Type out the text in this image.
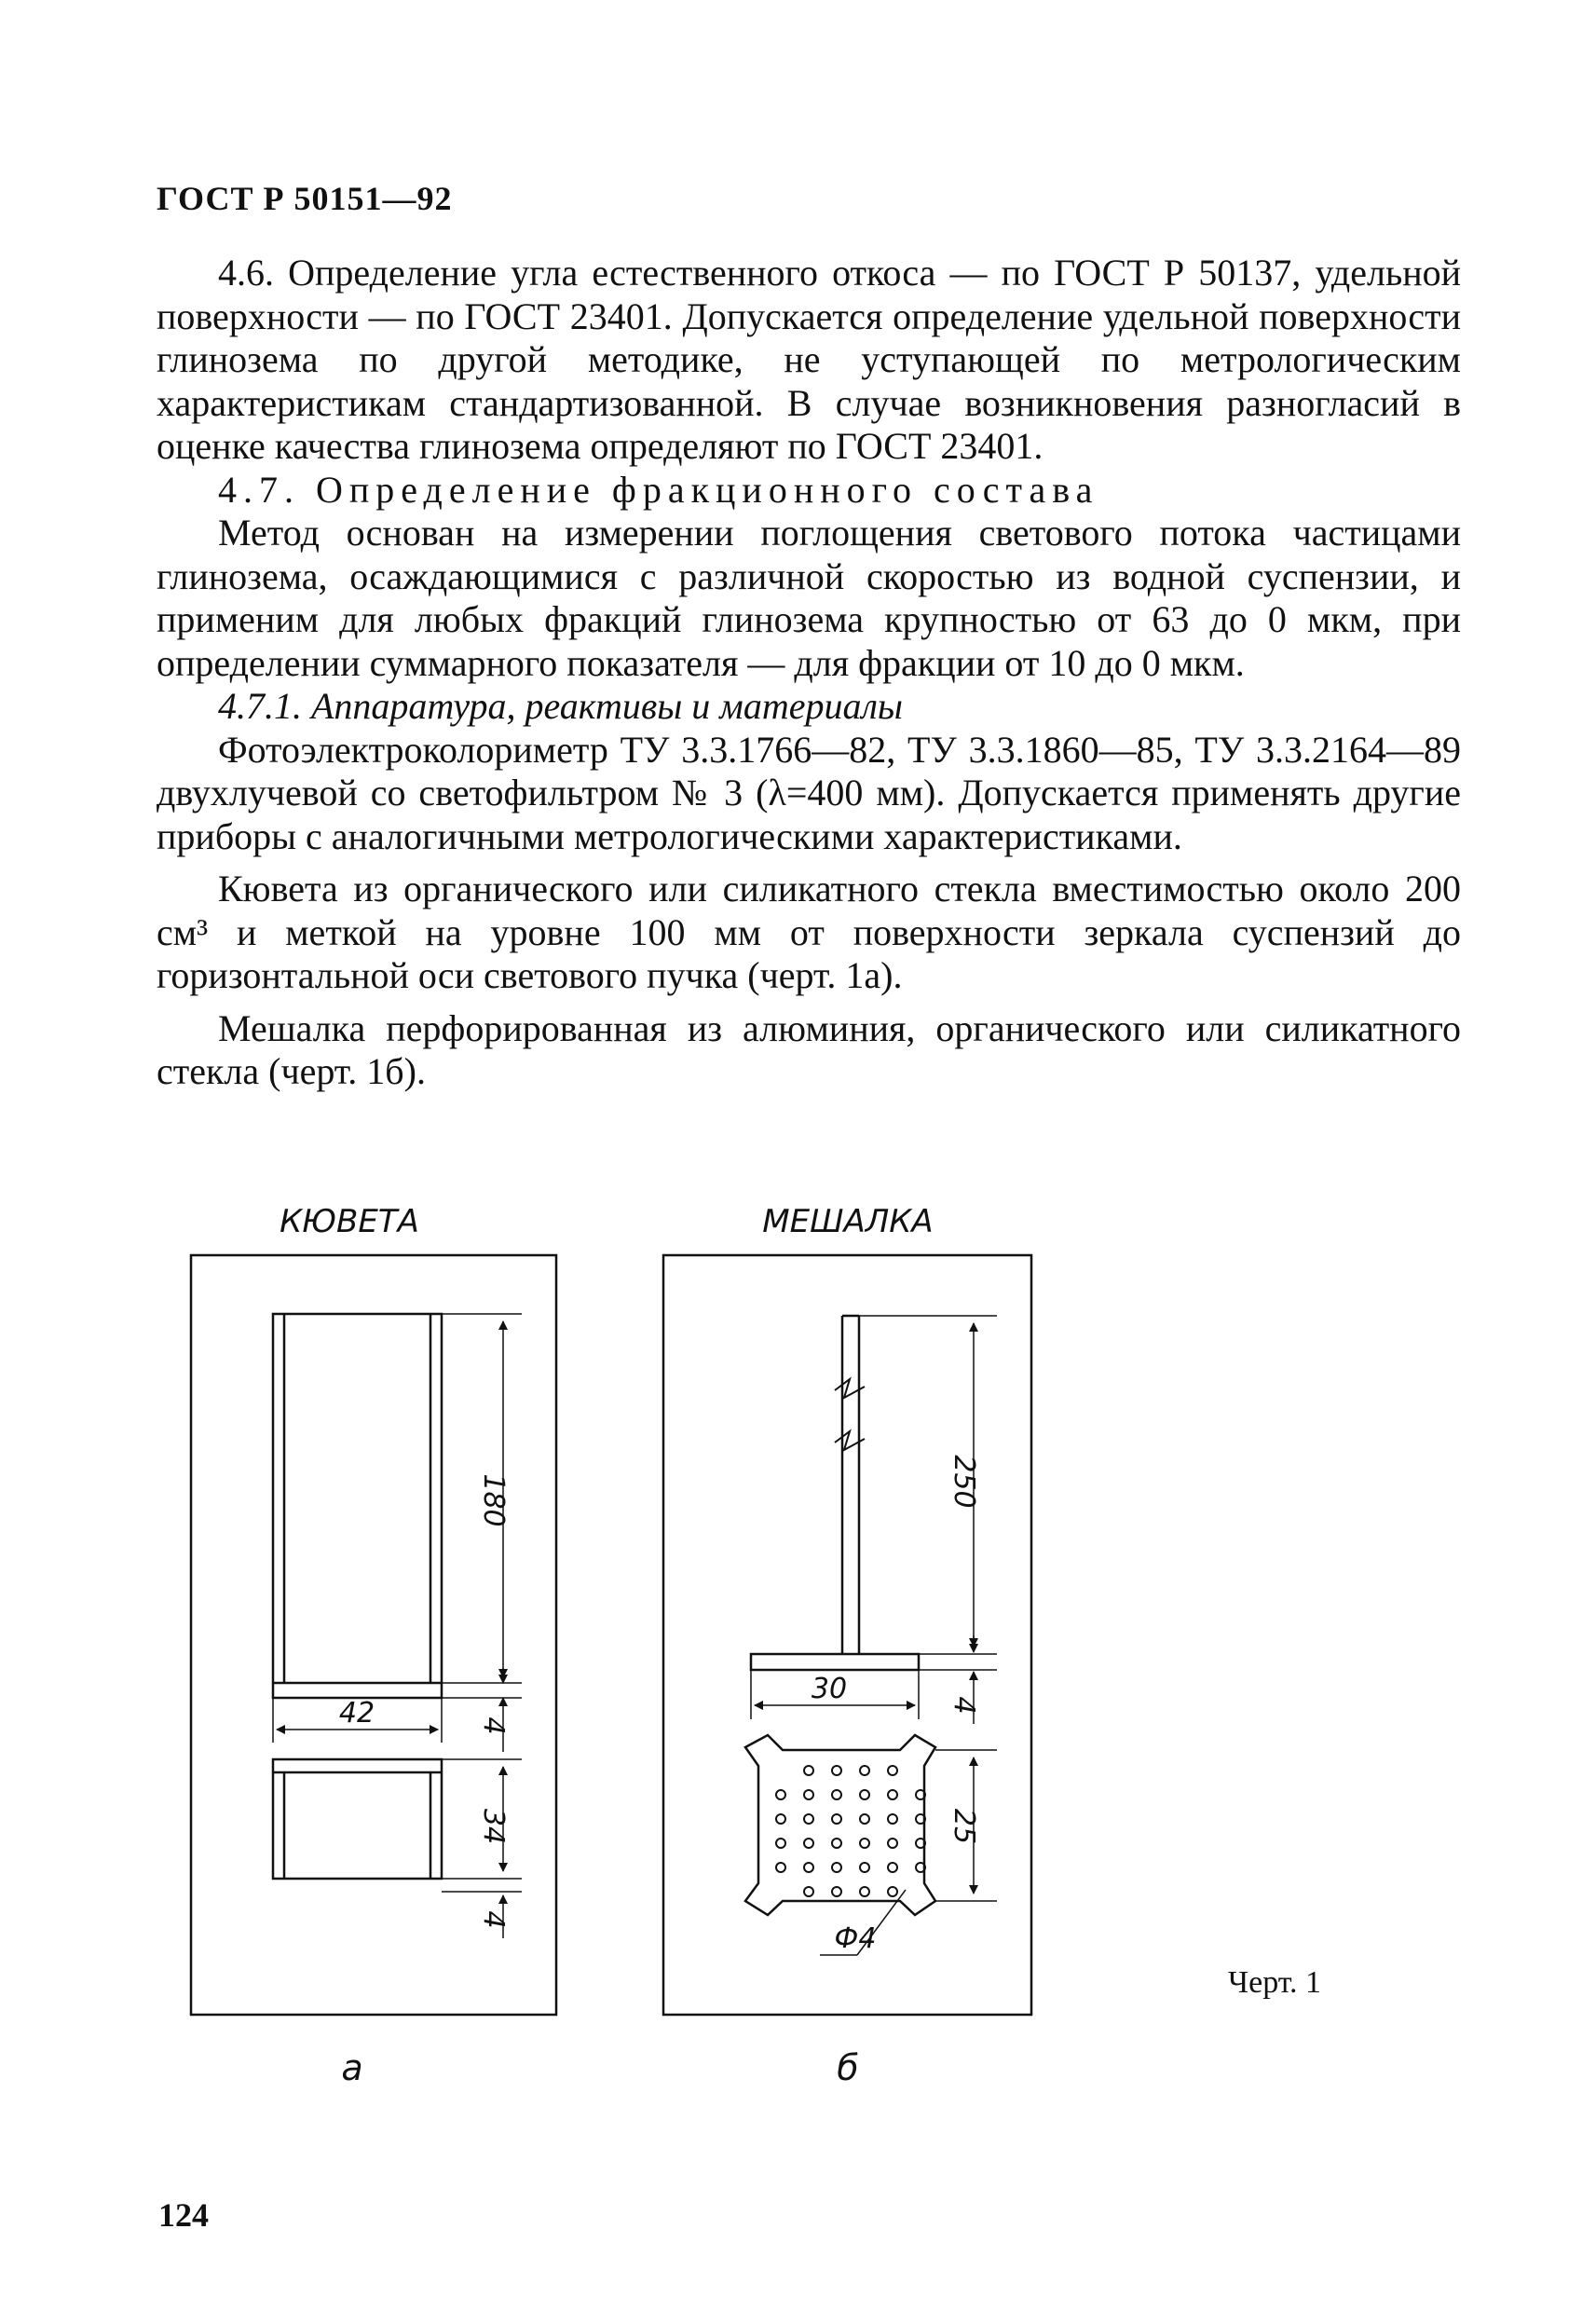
ГОСТ Р 50151—92

4.6. Определение угла естественного откоса — по ГОСТ Р 50137, удельной поверхности — по ГОСТ 23401. Допускается определение удельной поверхности глинозема по другой методике, не уступающей по метрологическим характеристикам стандартизованной. В случае возникновения разногласий в оценке качества глинозема определяют по ГОСТ 23401.

4.7. Определение фракционного состава

Метод основан на измерении поглощения светового потока частицами глинозема, осаждающимися с различной скоростью из водной суспензии, и применим для любых фракций глинозема крупностью от 63 до 0 мкм, при определении суммарного показателя — для фракции от 10 до 0 мкм.

4.7.1. Аппаратура, реактивы и материалы

Фотоэлектроколориметр ТУ 3.3.1766—82, ТУ 3.3.1860—85, ТУ 3.3.2164—89 двухлучевой со светофильтром № 3 (λ=400 мм). Допускается применять другие приборы с аналогичными метрологическими характеристиками.

Кювета из органического или силикатного стекла вместимостью около 200 см³ и меткой на уровне 100 мм от поверхности зеркала суспензий до горизонтальной оси светового пучка (черт. 1а).

Мешалка перфорированная из алюминия, органического или силикатного стекла (черт. 1б).

КЮВЕТА
180
42	4
34
4
а
МЕШАЛКА
250
30	4
25
Ф4
б
Черт. 1
124
